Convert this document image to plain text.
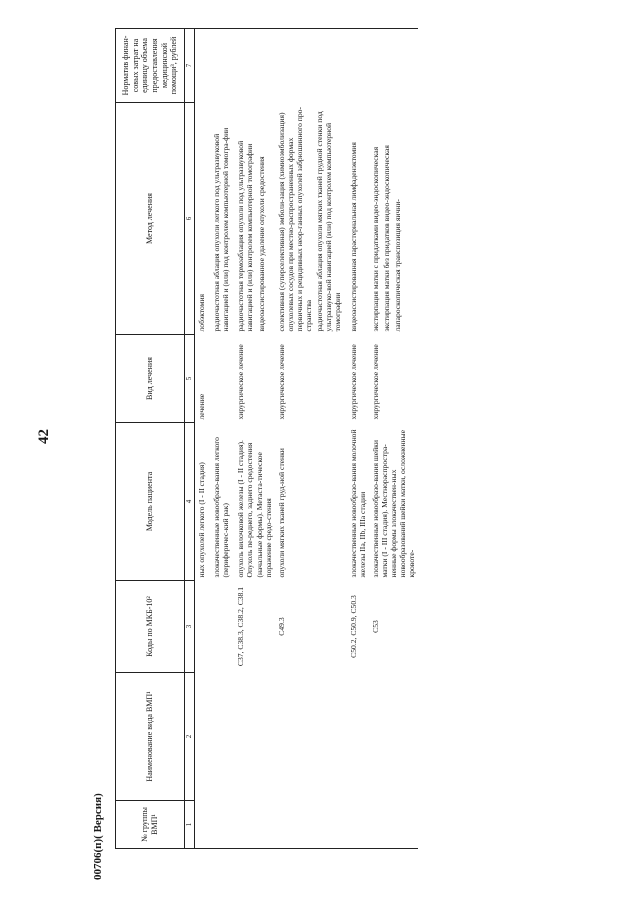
42
№ группы ВМП¹	Наименование вида ВМП¹	Коды по МКБ-10²	Модель пациента	Вид лечения	Метод лечения	Норматив финан-совых затрат на единицу объема предоставления медицинской помощи³, рублей
1	2	3	4	5	6	7
			ных опухолей легкого (I - II стадия)	лечение	лобэктомия	

			злокачественные новообразо-вания легкого (периферичес-кий рак)		радиочастотная аблация опухоли легкого под ультразвуковой навигацией и (или) под контролем компьютерной томогра-фии	

		C37, C38.3, C38.2, C38.1	опухоль вилочковой железы (I - II стадия). Опухоль пе-реднего, заднего средостения (начальные формы). Метаста-тическое поражение средо-стения	хирургическое лечение	радиочастотная термоаблация опухоли под ультразвуковой навигацией и (или) контролем компьютерной томографии видеоассистированное удаление опухоли средостения	

		C49.3	опухоли мягких тканей груд-ной стенки	хирургическое лечение	селективная (суперселективная) эмболи-зация (химиоэмболизация) опухолевых сосудов при местно-распространенных формах первичных и рецидивных неор-ганных опухолей забрюшинного про-странства радиочастотная аблация опухоли мягких тканей грудной стенки под ультразвуко-вой навигацией (или) под контролем компьютерной томографии	

		C50.2, C50.9, C50.3	злокачественные новообразо-вания молочной железы IIa, IIb, IIIa стадии	хирургическое лечение	видеоассистированная парастернальная лимфаденэктомия	

		C53	злокачественные новообразо-вания шейки матки (I - III стадия). Местнораспростра-ненные формы злокачествен-ных новообразований шейки матки, осложненные кровоте-	хирургическое лечение	экстирпация матки с придатками видео-эндоскопическая экстирпация матки без придатков видео-эндоскопическая лапароскопическая транспозиция яични-	

00706(п)( Версия)
